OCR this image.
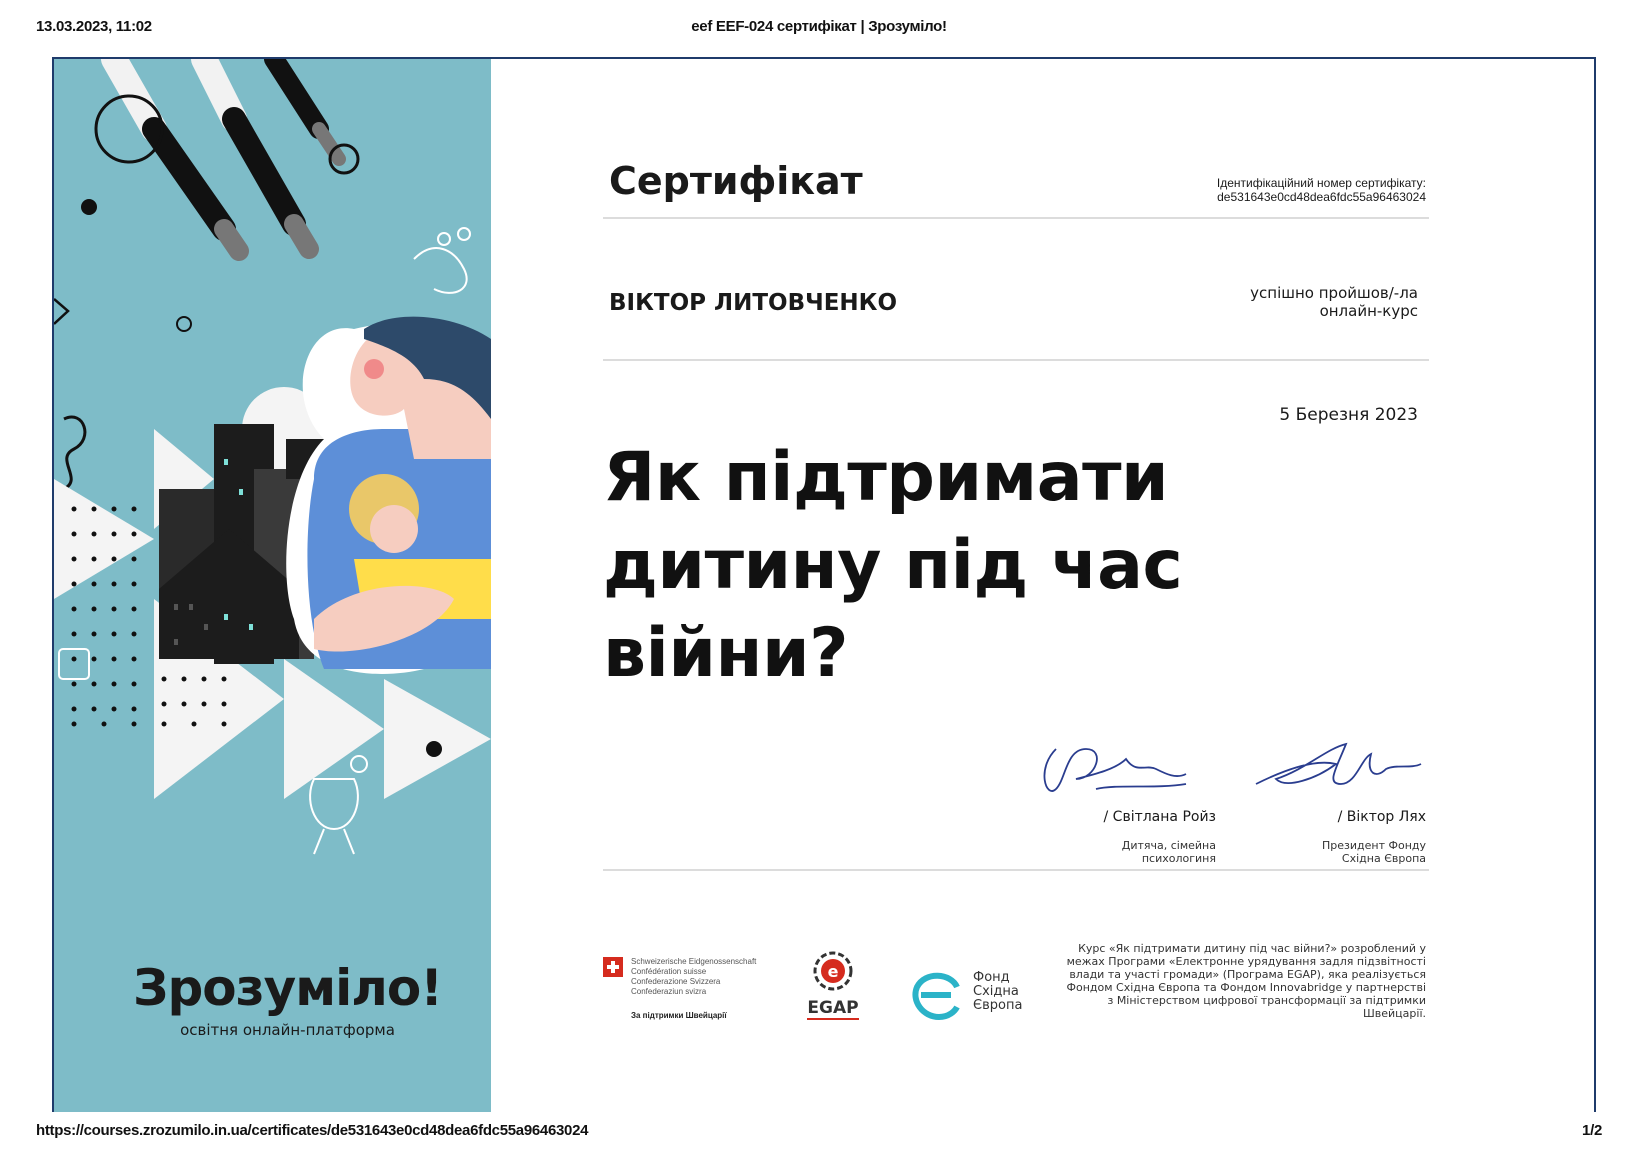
13.03.2023, 11:02	eef EEF-024 сертифікат | Зрозуміло!
https://courses.zrozumilo.in.ua/certificates/de531643e0cd48dea6fdc55a96463024	1/2
Зрозуміло!
освітня онлайн-платформа
Сертифікат	Ідентифікаційний номер сертифікату:
de531643e0cd48dea6fdc55a96463024
ВІКТОР ЛИТОВЧЕНКО	успішно пройшов/-ла
онлайн-курс
5 Березня 2023
Як підтримати
дитину під час
війни?
/ Світлана Ройз
Дитяча, сімейна
психологиня
/ Віктор Лях
Президент Фонду
Східна Європа
Schweizerische Eidgenossenschaft
Confédération suisse
Confederazione Svizzera
Confederaziun svizra
За підтримки Швейцарії
e
EGAP
Фонд
Східна
Європа
Курс «Як підтримати дитину під час війни?» розроблений у межах Програми «Електронне урядування задля підзвітності влади та участі громади» (Програма EGAP), яка реалізується Фондом Східна Європа та Фондом Innovabridge у партнерстві з Міністерством цифрової трансформації за підтримки Швейцарії.
